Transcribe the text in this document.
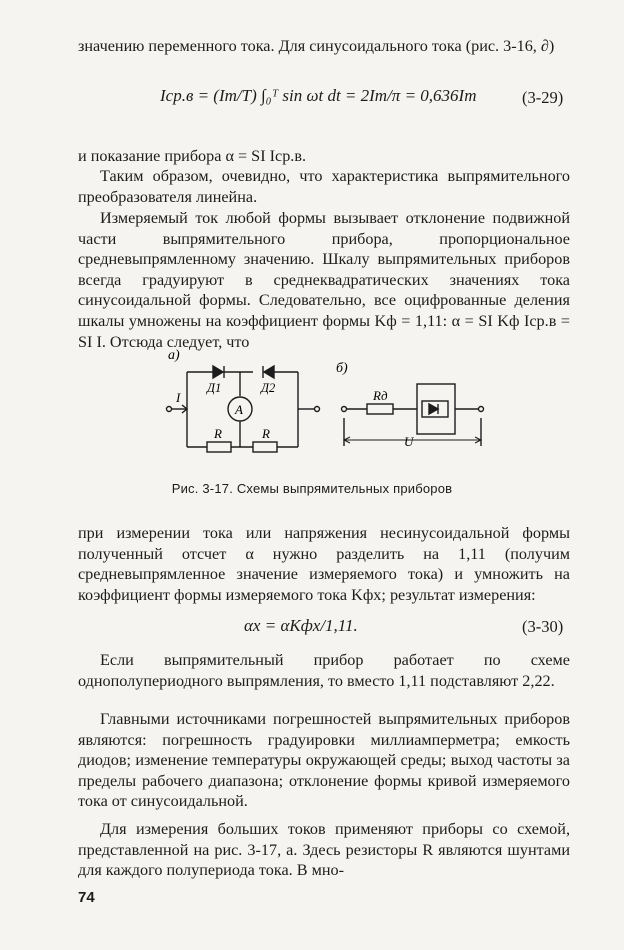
значению переменного тока. Для синусоидального тока (рис. 3-16, ∂)

Iср.в = (Im/T) ∫₀ᵀ sin ωt dt = 2Im/π = 0,636Im	(3-29)

и показание прибора α = SI Iср.в.

Таким образом, очевидно, что характеристика выпрямительного преобразователя линейна.

Измеряемый ток любой формы вызывает отклонение подвижной части выпрямительного прибора, пропорциональное средневыпрямленному значению. Шкалу выпрямительных приборов всегда градуируют в среднеквадратических значениях тока синусоидальной формы. Следовательно, все оцифрованные деления шкалы умножены на коэффициент формы Kф = 1,11: α = SI Kф Iср.в = SI I. Отсюда следует, что

а)
б)
I
Д1	Д2
A
R	R
Rд
U
Рис. 3-17. Схемы выпрямительных приборов

при измерении тока или напряжения несинусоидальной формы полученный отсчет α нужно разделить на 1,11 (получим средневыпрямленное значение измеряемого тока) и умножить на коэффициент формы измеряемого тока Kфx; результат измерения:

αx = αKфx/1,11.	(3-30)

Если выпрямительный прибор работает по схеме однополупериодного выпрямления, то вместо 1,11 подставляют 2,22.

Главными источниками погрешностей выпрямительных приборов являются: погрешность градуировки миллиамперметра; емкость диодов; изменение температуры окружающей среды; выход частоты за пределы рабочего диапазона; отклонение формы кривой измеряемого тока от синусоидальной.

Для измерения больших токов применяют приборы со схемой, представленной на рис. 3-17, а. Здесь резисторы R являются шунтами для каждого полупериода тока. В мно-

74
